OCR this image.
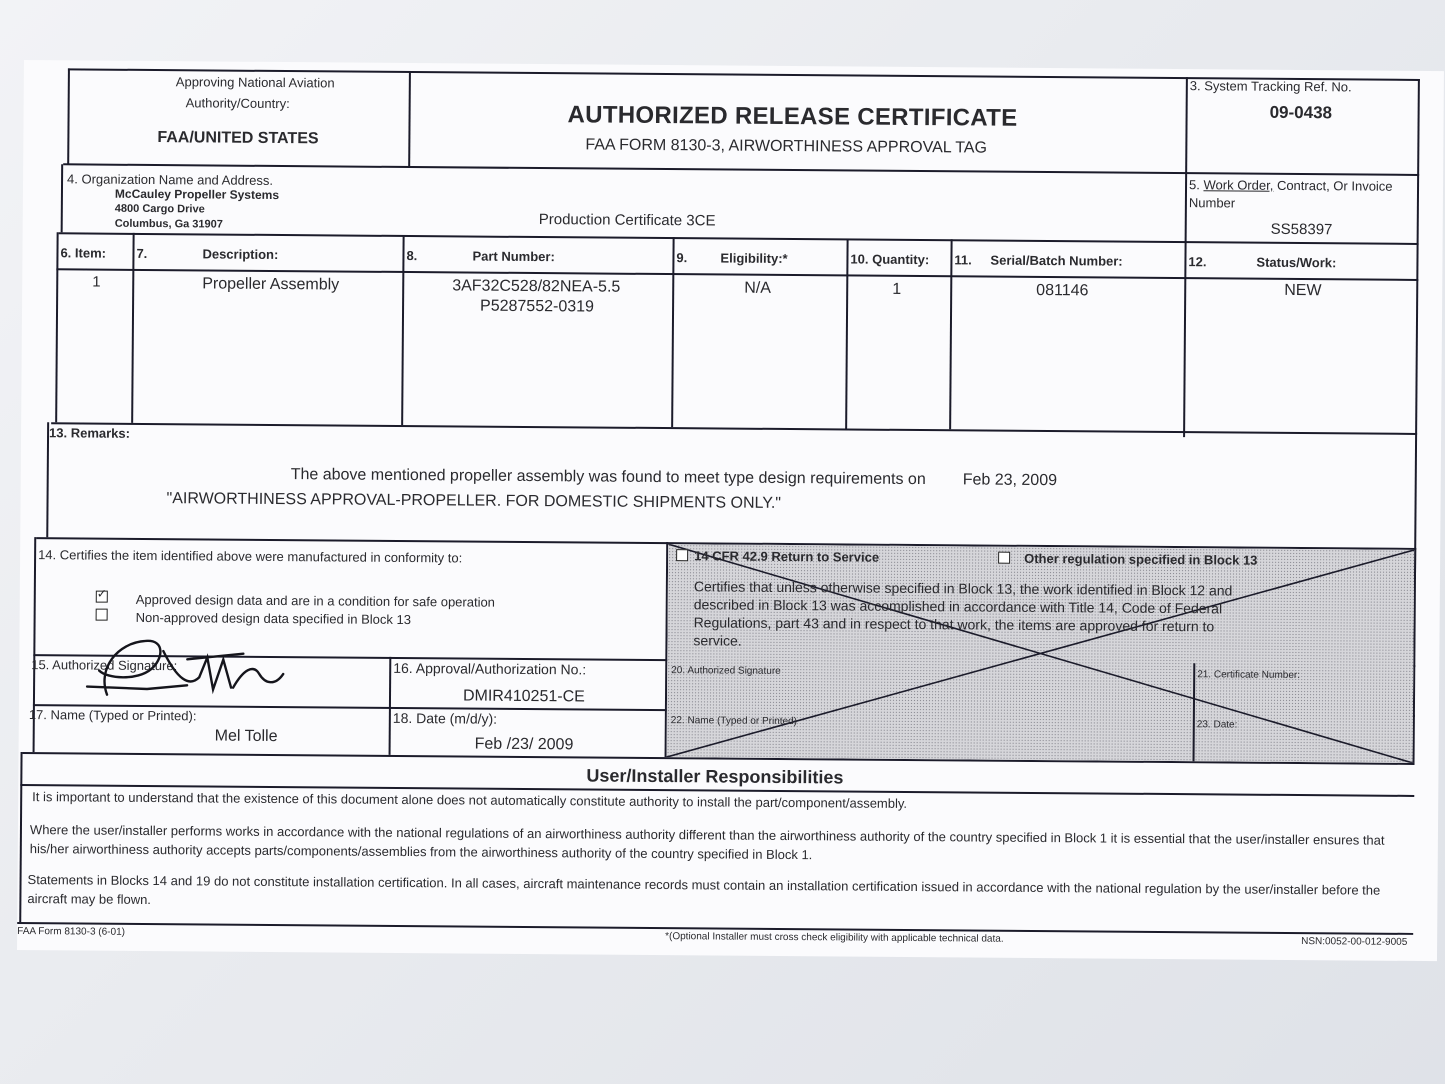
Approving National Aviation
Authority/Country:
FAA/UNITED STATES
AUTHORIZED RELEASE CERTIFICATE
FAA FORM 8130-3, AIRWORTHINESS APPROVAL TAG
3. System Tracking Ref. No.
09-0438
4. Organization Name and Address.
McCauley Propeller Systems
4800 Cargo Drive
Columbus, Ga 31907	Production Certificate 3CE
5. Work Order, Contract, Or Invoice
Number
SS58397
6. Item: 7.	Description:	8.	Part Number:	9.	Eligibility:*	10. Quantity: 11. Serial/Batch Number:	12.	Status/Work:
1	Propeller Assembly	3AF32C528/82NEA-5.5
P5287552-0319
N/A	1	081146	NEW
13. Remarks:
The above mentioned propeller assembly was found to meet type design requirements on Feb 23, 2009
"AIRWORTHINESS APPROVAL-PROPELLER. FOR DOMESTIC SHIPMENTS ONLY."
14. Certifies the item identified above were manufactured in conformity to:
✓ Approved design data and are in a condition for safe operation
Non-approved design data specified in Block 13
14 CFR 42.9 Return to Service	Other regulation specified in Block 13
Certifies that unless otherwise specified in Block 13, the work identified in Block 12 and described in Block 13 was accomplished in accordance with Title 14, Code of Federal Regulations, part 43 and in respect to that work, the items are approved for return to service.
15. Authorized Signature:	16. Approval/Authorization No.:
DMIR410251-CE
20. Authorized Signature	21. Certificate Number:
17. Name (Typed or Printed):
Mel Tolle
18. Date (m/d/y):
Feb /23/ 2009
22. Name (Typed or Printed)	23. Date:
User/Installer Responsibilities
It is important to understand that the existence of this document alone does not automatically constitute authority to install the part/component/assembly.
Where the user/installer performs works in accordance with the national regulations of an airworthiness authority different than the airworthiness authority of the country specified in Block 1 it is essential that the user/installer ensures that his/her airworthiness authority accepts parts/components/assemblies from the airworthiness authority of the country specified in Block 1.
Statements in Blocks 14 and 19 do not constitute installation certification. In all cases, aircraft maintenance records must contain an installation certification issued in accordance with the national regulation by the user/installer before the aircraft may be flown.
FAA Form 8130-3 (6-01)	*(Optional Installer must cross check eligibility with applicable technical data.	NSN:0052-00-012-9005
